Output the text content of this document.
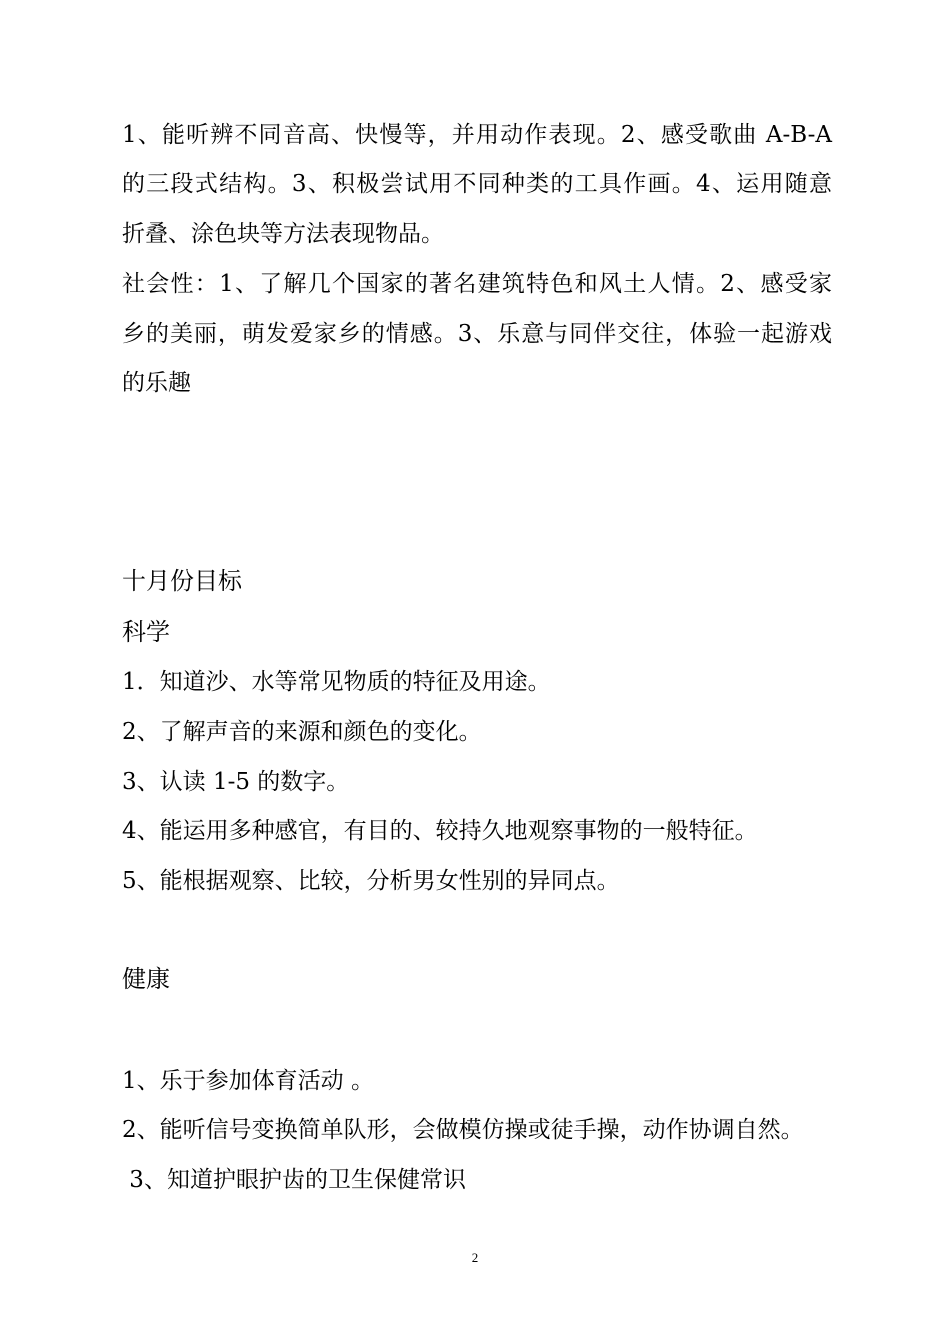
1、能听辨不同音高、快慢等，并用动作表现。2、感受歌曲 A-B-A
的三段式结构。3、积极尝试用不同种类的工具作画。4、运用随意
折叠、涂色块等方法表现物品。
社会性：1、了解几个国家的著名建筑特色和风土人情。2、感受家
乡的美丽，萌发爱家乡的情感。3、乐意与同伴交往，体验一起游戏
的乐趣
十月份目标
科学
1．知道沙、水等常见物质的特征及用途。
2、了解声音的来源和颜色的变化。
3、认读 1-5 的数字。
4、能运用多种感官，有目的、较持久地观察事物的一般特征。
5、能根据观察、比较，分析男女性别的异同点。
健康
1、乐于参加体育活动 。
2、能听信号变换简单队形，会做模仿操或徒手操，动作协调自然。
3、知道护眼护齿的卫生保健常识
2
